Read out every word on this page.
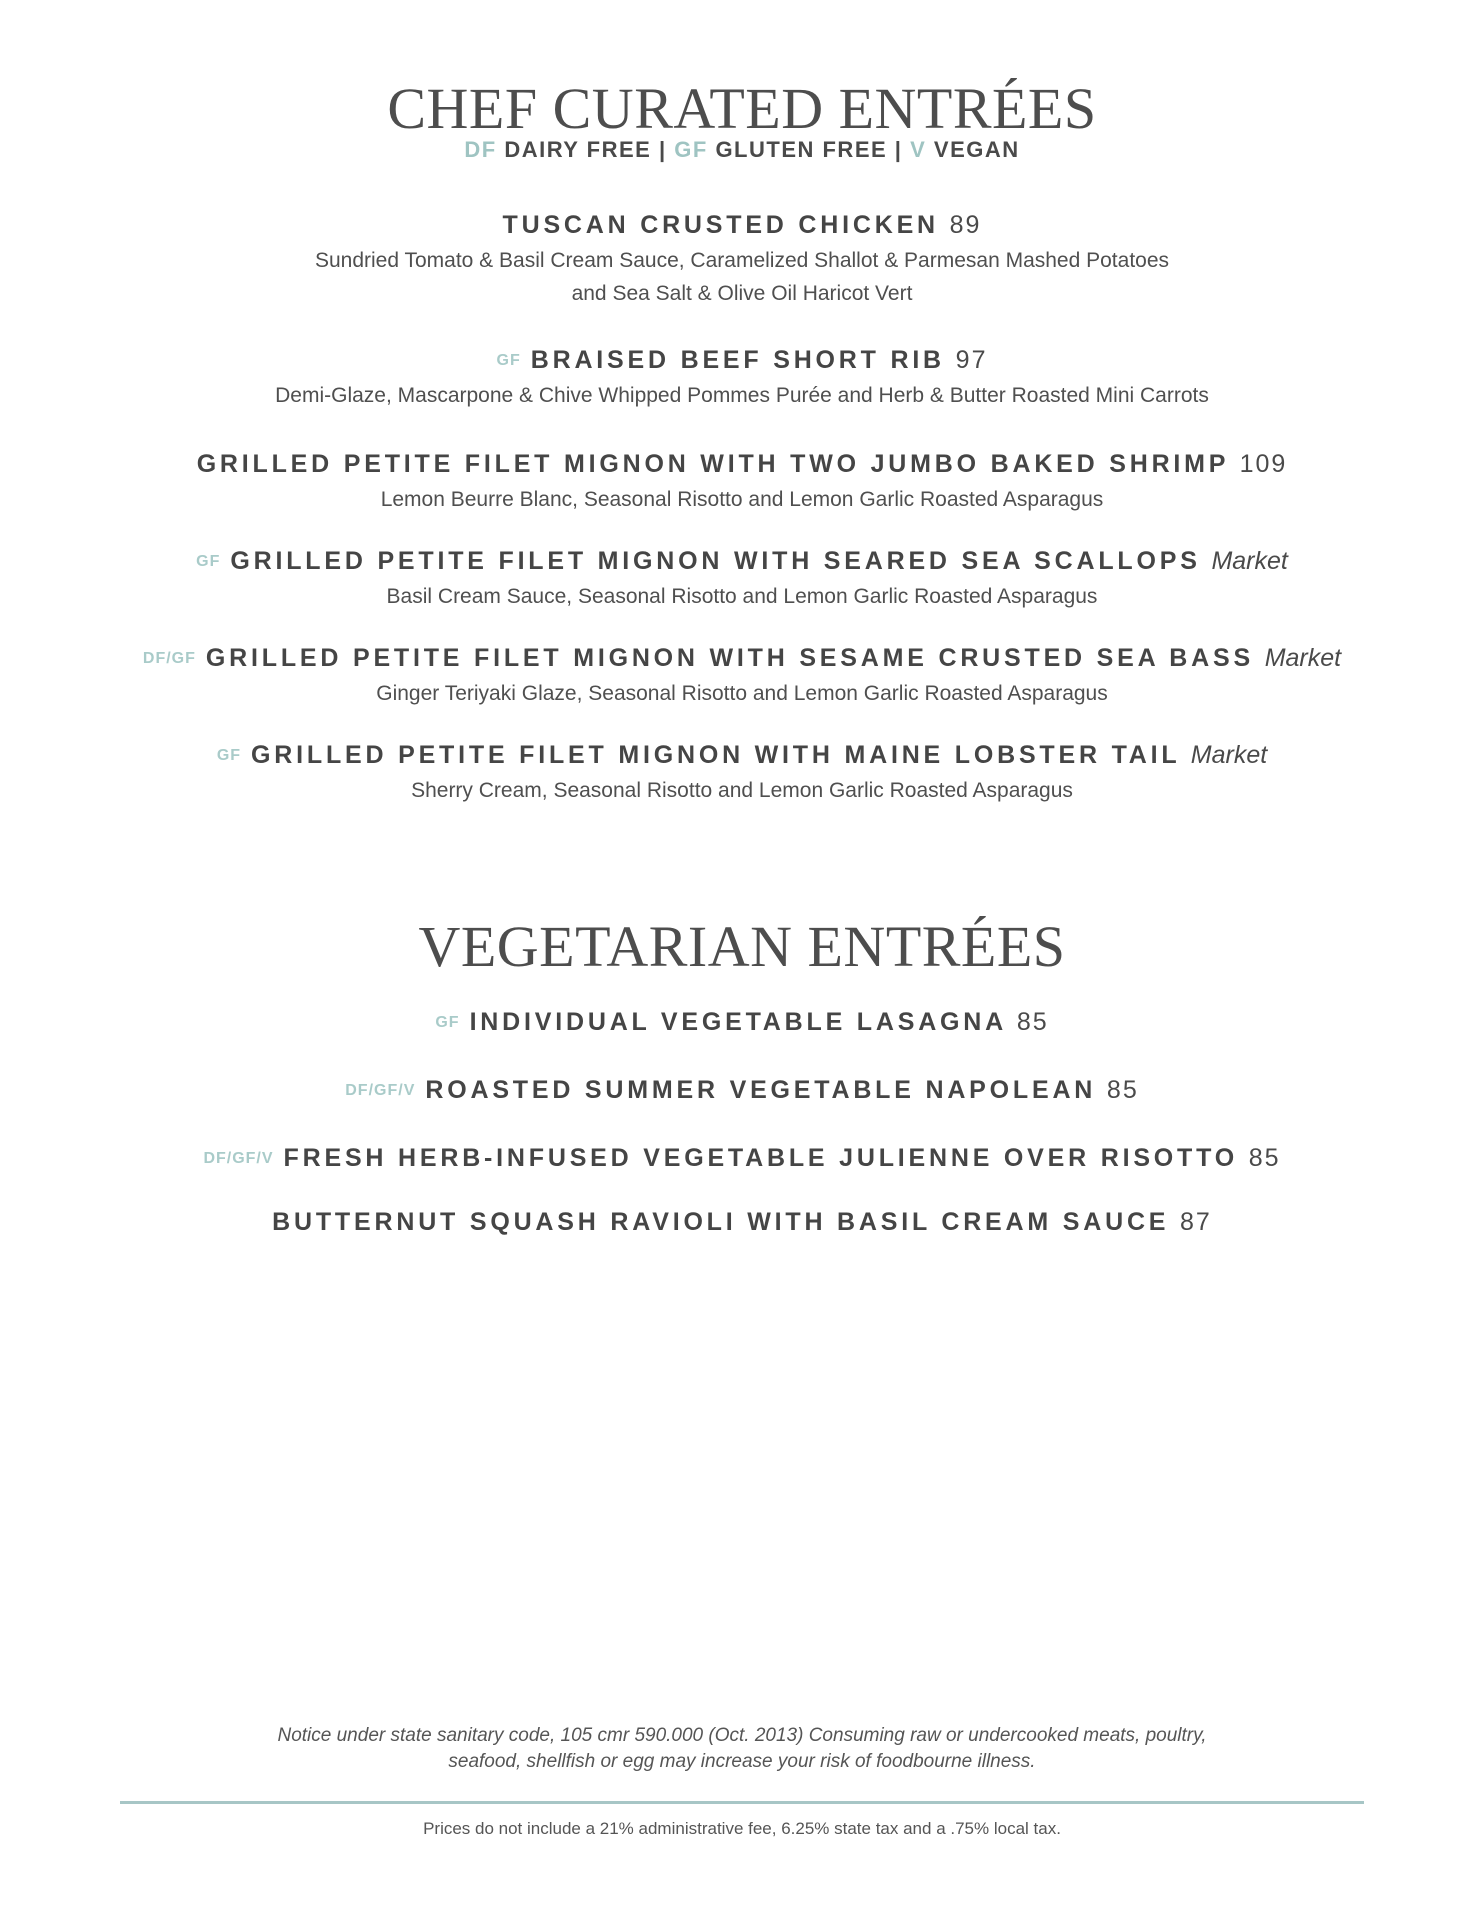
CHEF CURATED ENTRÉES
DF DAIRY FREE | GF GLUTEN FREE | V VEGAN
TUSCAN CRUSTED CHICKEN 89
Sundried Tomato & Basil Cream Sauce, Caramelized Shallot & Parmesan Mashed Potatoes
and Sea Salt & Olive Oil Haricot Vert
GF BRAISED BEEF SHORT RIB 97
Demi-Glaze, Mascarpone & Chive Whipped Pommes Purée and Herb & Butter Roasted Mini Carrots
GRILLED PETITE FILET MIGNON WITH TWO JUMBO BAKED SHRIMP 109
Lemon Beurre Blanc, Seasonal Risotto and Lemon Garlic Roasted Asparagus
GF GRILLED PETITE FILET MIGNON WITH SEARED SEA SCALLOPS Market
Basil Cream Sauce, Seasonal Risotto and Lemon Garlic Roasted Asparagus
DF/GF GRILLED PETITE FILET MIGNON WITH SESAME CRUSTED SEA BASS Market
Ginger Teriyaki Glaze, Seasonal Risotto and Lemon Garlic Roasted Asparagus
GF GRILLED PETITE FILET MIGNON WITH MAINE LOBSTER TAIL Market
Sherry Cream, Seasonal Risotto and Lemon Garlic Roasted Asparagus
VEGETARIAN ENTRÉES
GF INDIVIDUAL VEGETABLE LASAGNA 85
DF/GF/V ROASTED SUMMER VEGETABLE NAPOLEAN 85
DF/GF/V FRESH HERB-INFUSED VEGETABLE JULIENNE OVER RISOTTO 85
BUTTERNUT SQUASH RAVIOLI WITH BASIL CREAM SAUCE 87
Notice under state sanitary code, 105 cmr 590.000 (Oct. 2013) Consuming raw or undercooked meats, poultry,
seafood, shellfish or egg may increase your risk of foodbourne illness.
Prices do not include a 21% administrative fee, 6.25% state tax and a .75% local tax.
